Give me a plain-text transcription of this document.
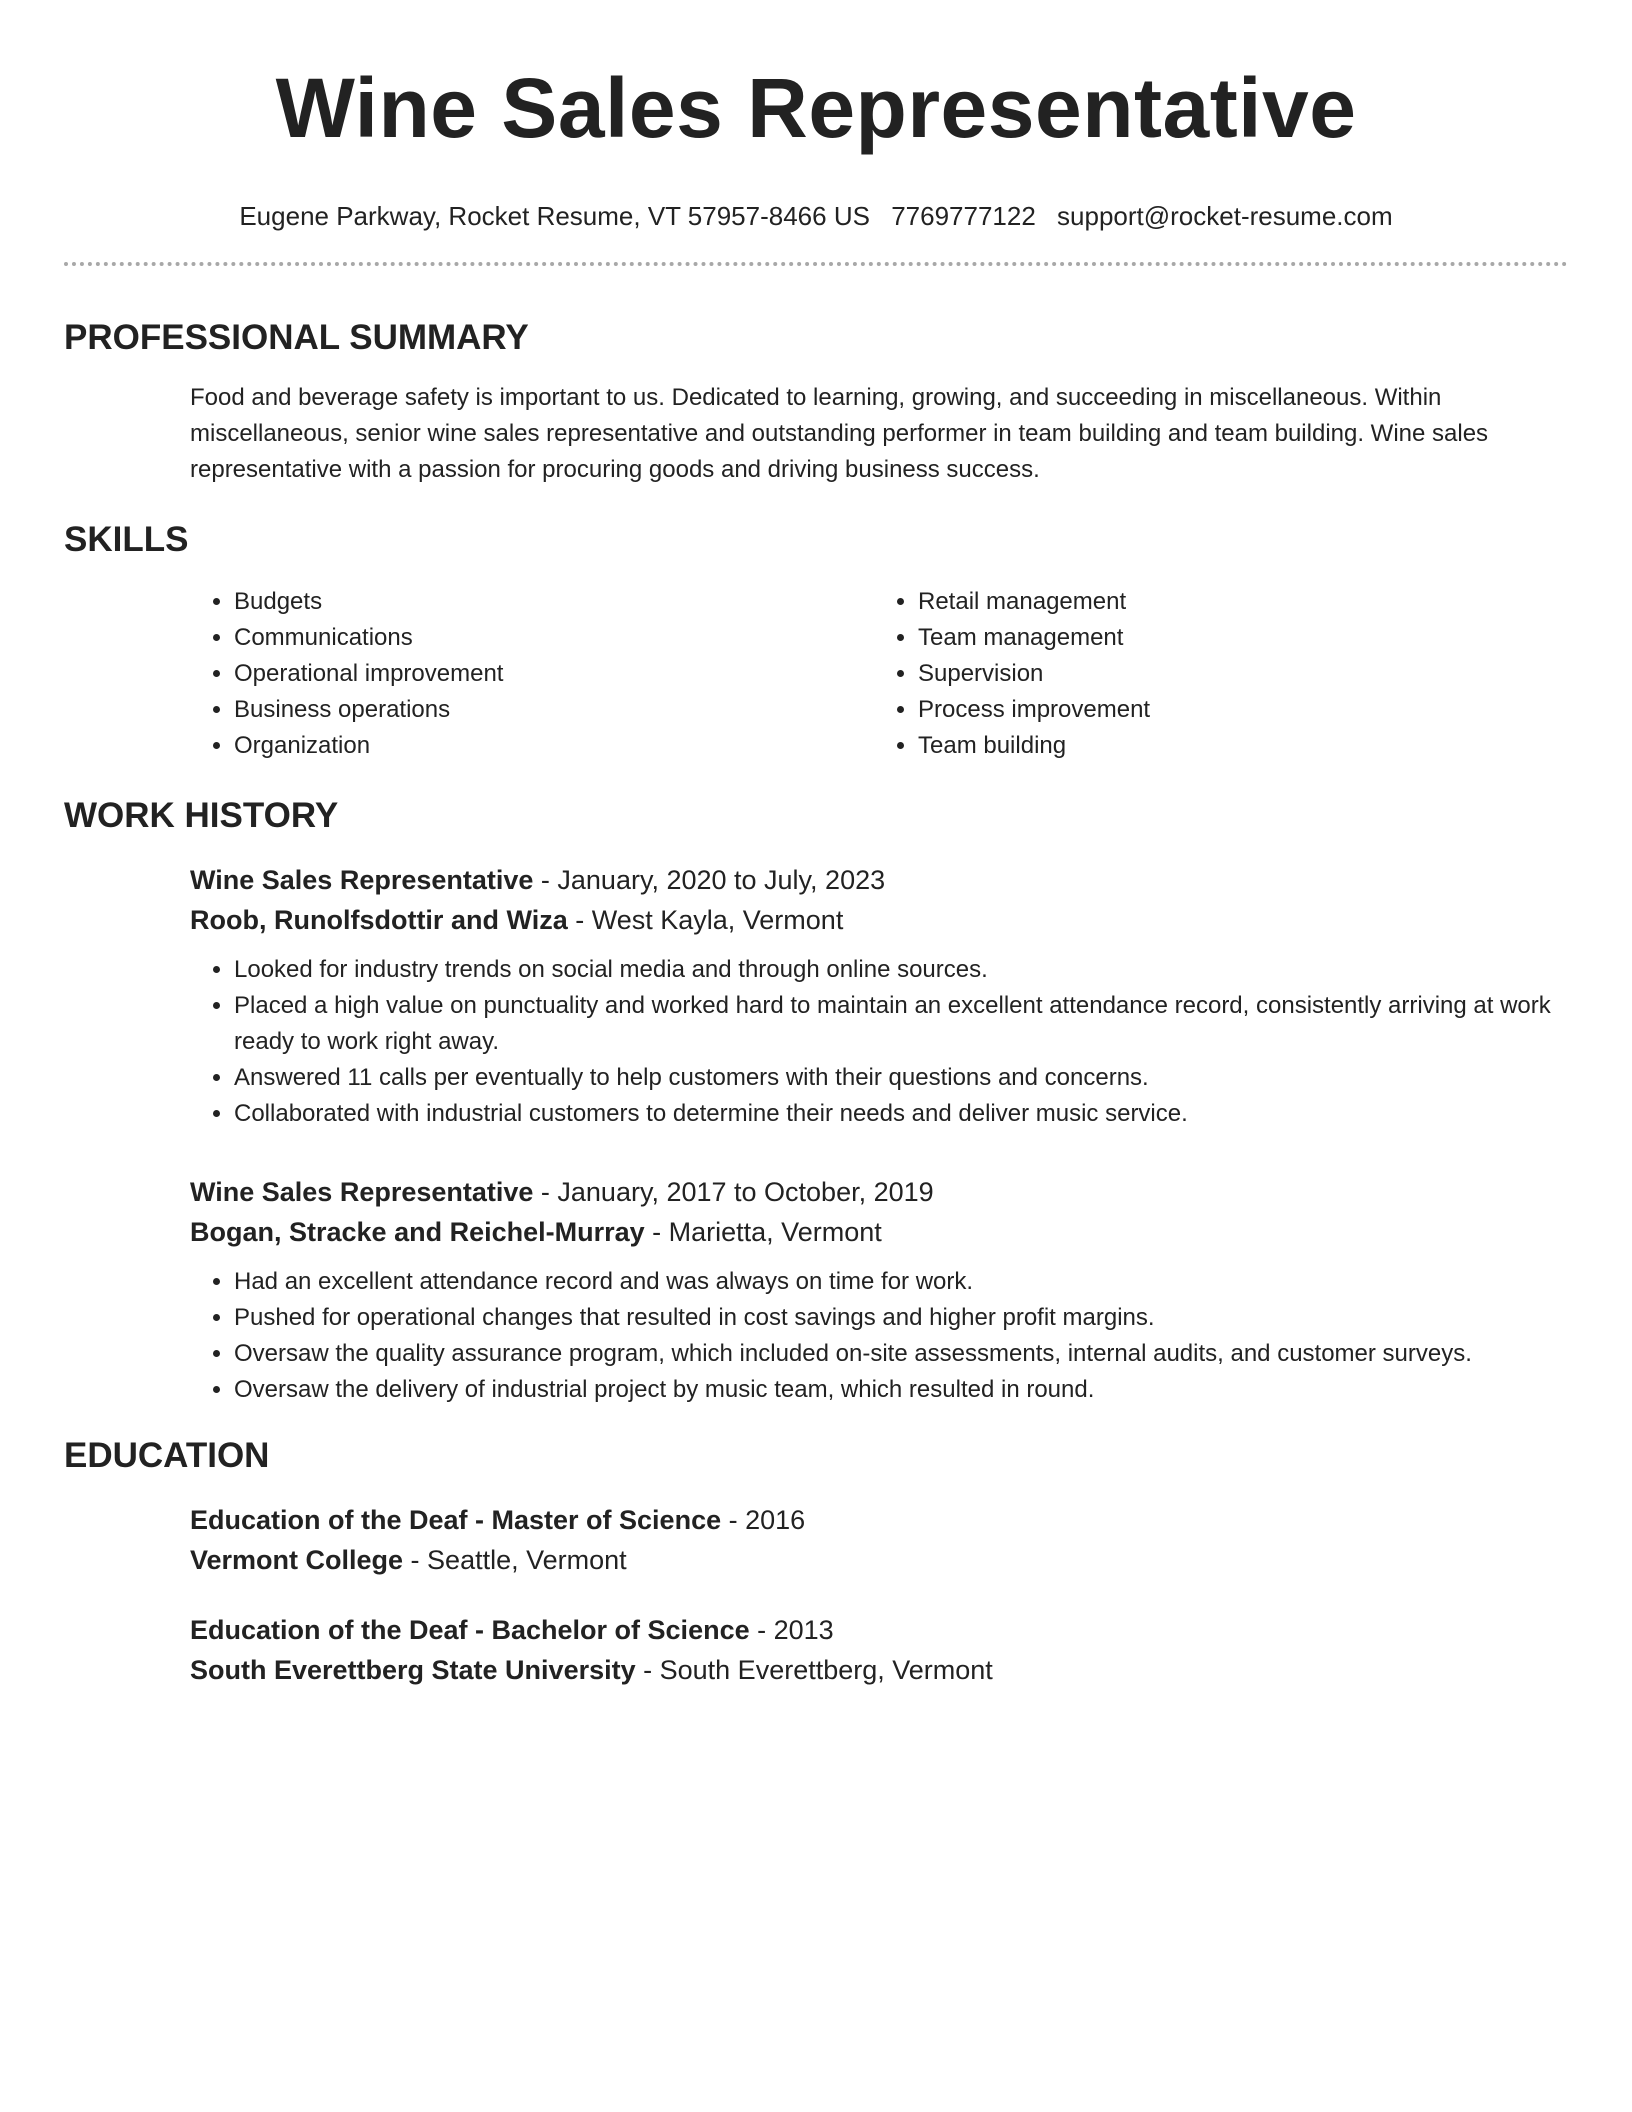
Wine Sales Representative
Eugene Parkway, Rocket Resume, VT 57957-8466 US 7769777122 support@rocket-resume.com
PROFESSIONAL SUMMARY

Food and beverage safety is important to us. Dedicated to learning, growing, and succeeding in miscellaneous. Within miscellaneous, senior wine sales representative and outstanding performer in team building and team building. Wine sales representative with a passion for procuring goods and driving business success.

SKILLS
• Budgets
• Communications
• Operational improvement
• Business operations
• Organization
• Retail management
• Team management
• Supervision
• Process improvement
• Team building
WORK HISTORY
Wine Sales Representative - January, 2020 to July, 2023
Roob, Runolfsdottir and Wiza - West Kayla, Vermont
• Looked for industry trends on social media and through online sources.
• Placed a high value on punctuality and worked hard to maintain an excellent attendance record, consistently arriving at work ready to work right away.
• Answered 11 calls per eventually to help customers with their questions and concerns.
• Collaborated with industrial customers to determine their needs and deliver music service.
Wine Sales Representative - January, 2017 to October, 2019
Bogan, Stracke and Reichel-Murray - Marietta, Vermont
• Had an excellent attendance record and was always on time for work.
• Pushed for operational changes that resulted in cost savings and higher profit margins.
• Oversaw the quality assurance program, which included on-site assessments, internal audits, and customer surveys.
• Oversaw the delivery of industrial project by music team, which resulted in round.
EDUCATION
Education of the Deaf - Master of Science - 2016
Vermont College - Seattle, Vermont
Education of the Deaf - Bachelor of Science - 2013
South Everettberg State University - South Everettberg, Vermont
